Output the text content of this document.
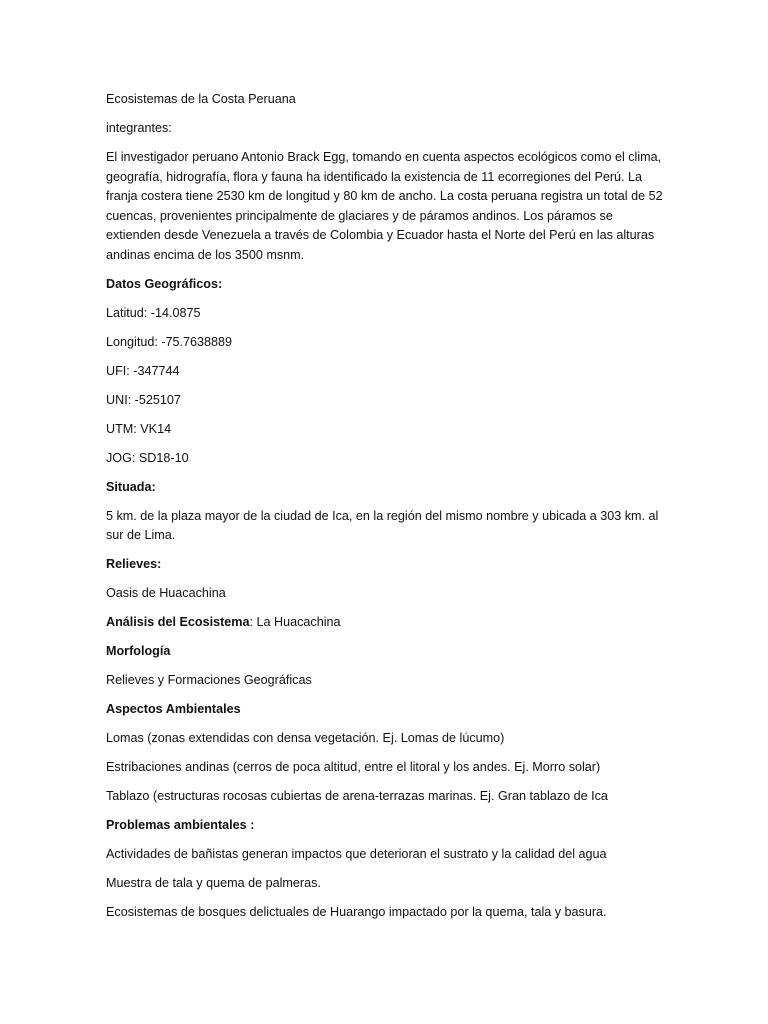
Ecosistemas de la Costa Peruana

integrantes:

El investigador peruano Antonio Brack Egg, tomando en cuenta aspectos ecológicos como el clima, geografía, hidrografía, flora y fauna ha identificado la existencia de 11 ecorregiones del Perú. La franja costera tiene 2530 km de longitud y 80 km de ancho. La costa peruana registra un total de 52 cuencas, provenientes principalmente de glaciares y de páramos andinos. Los páramos se extienden desde Venezuela a través de Colombia y Ecuador hasta el Norte del Perú en las alturas andinas encima de los 3500 msnm.

Datos Geográficos:

Latitud: -14.0875

Longitud: -75.7638889

UFI: -347744

UNI: -525107

UTM: VK14

JOG: SD18-10

Situada:

5 km. de la plaza mayor de la ciudad de Ica, en la región del mismo nombre y ubicada a 303 km. al sur de Lima.

Relieves:

Oasis de Huacachina

Análisis del Ecosistema: La Huacachina

Morfología

Relieves y Formaciones Geográficas

Aspectos Ambientales

Lomas (zonas extendidas con densa vegetación. Ej. Lomas de lúcumo)

Estribaciones andinas (cerros de poca altitud, entre el litoral y los andes. Ej. Morro solar)

Tablazo (estructuras rocosas cubiertas de arena-terrazas marinas. Ej. Gran tablazo de Ica

Problemas ambientales :

Actividades de bañistas generan impactos que deterioran el sustrato y la calidad del agua

Muestra de tala y quema de palmeras.

Ecosistemas de bosques delictuales de Huarango impactado por la quema, tala y basura.
